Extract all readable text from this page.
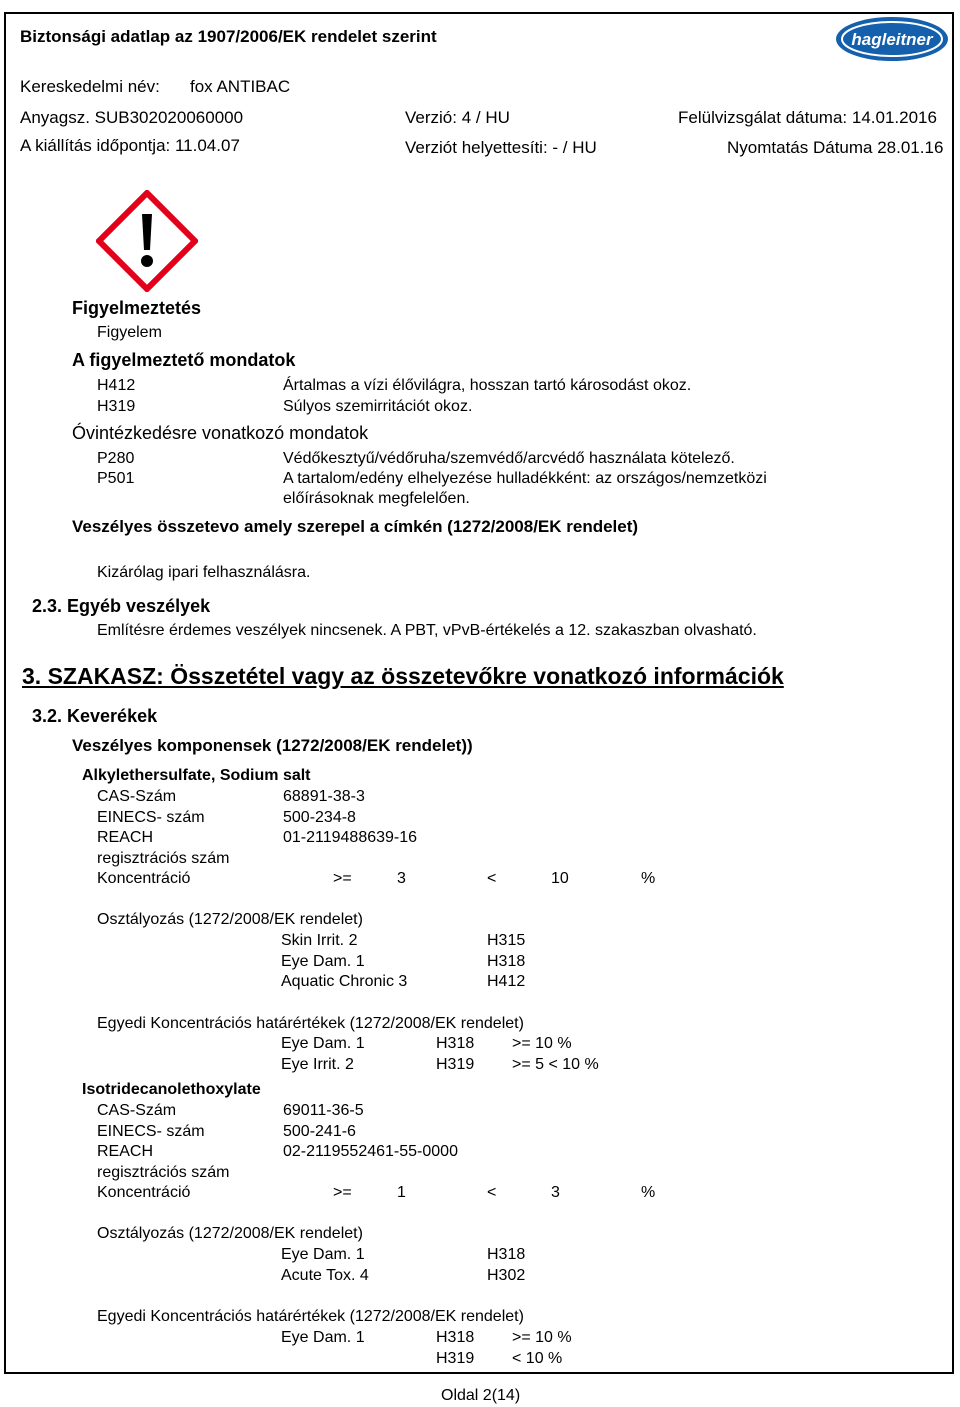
Biztonsági adatlap az 1907/2006/EK rendelet szerint	hagleitner
Kereskedelmi név: fox ANTIBAC
Anyagsz. SUB302020060000	Verzió: 4 / HU	Felülvizsgálat dátuma: 14.01.2016
A kiállítás időpontja: 11.04.07	Verziót helyettesíti: - / HU	Nyomtatás Dátuma 28.01.16
Figyelmeztetés
Figyelem
A figyelmeztető mondatok
H412	Ártalmas a vízi élővilágra, hosszan tartó károsodást okoz.
H319	Súlyos szemirritációt okoz.
Óvintézkedésre vonatkozó mondatok
P280	Védőkesztyű/védőruha/szemvédő/arcvédő használata kötelező.
P501	A tartalom/edény elhelyezése hulladékként: az országos/nemzetközi
előírásoknak megfelelően.
Veszélyes összetevo amely szerepel a címkén (1272/2008/EK rendelet)
Kizárólag ipari felhasználásra.
2.3. Egyéb veszélyek
Említésre érdemes veszélyek nincsenek. A PBT, vPvB-értékelés a 12. szakaszban olvasható.
3. SZAKASZ: Összetétel vagy az összetevőkre vonatkozó információk
3.2. Keverékek
Veszélyes komponensek (1272/2008/EK rendelet))
Alkylethersulfate, Sodium salt
CAS-Szám	68891-38-3
EINECS- szám	500-234-8
REACH	01-2119488639-16
regisztrációs szám
Koncentráció	>=	3	<	10	%
Osztályozás (1272/2008/EK rendelet)
Skin Irrit. 2	H315
Eye Dam. 1	H318
Aquatic Chronic 3	H412
Egyedi Koncentrációs határértékek (1272/2008/EK rendelet)
Eye Dam. 1	H318 >= 10 %
Eye Irrit. 2	H319 >= 5 < 10 %
Isotridecanolethoxylate
CAS-Szám	69011-36-5
EINECS- szám	500-241-6
REACH	02-2119552461-55-0000
regisztrációs szám
Koncentráció	>=	1	<	3	%
Osztályozás (1272/2008/EK rendelet)
Eye Dam. 1	H318
Acute Tox. 4	H302
Egyedi Koncentrációs határértékek (1272/2008/EK rendelet)
Eye Dam. 1	H318 >= 10 %
H319 < 10 %
Oldal 2(14)
